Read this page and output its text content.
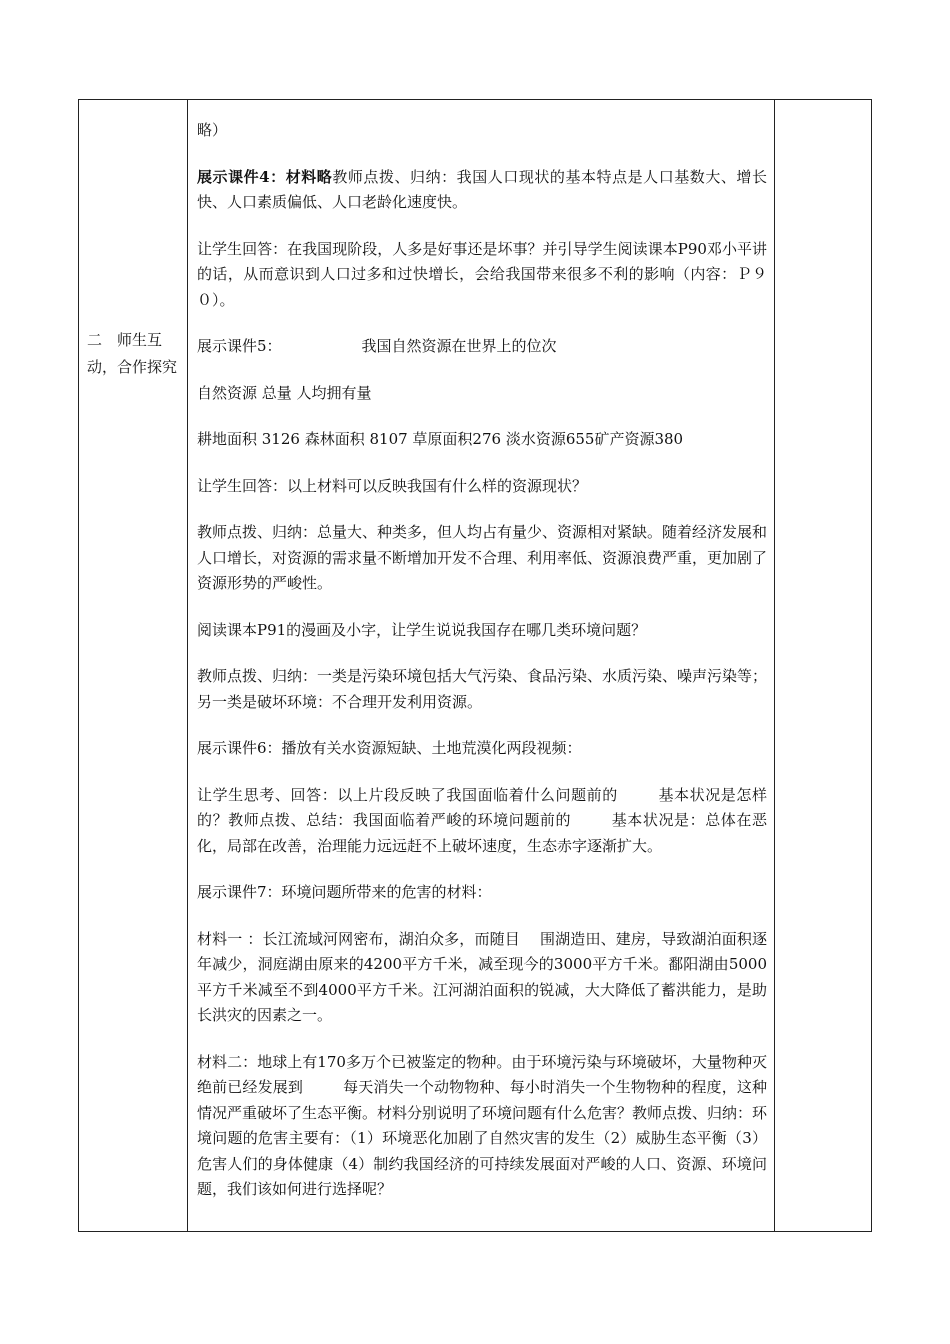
二　师生互动，合作探究

略）

展示课件4：材料略教师点拨、归纳：我国人口现状的基本特点是人口基数大、增长快、人口素质偏低、人口老龄化速度快。

让学生回答：在我国现阶段，人多是好事还是坏事？并引导学生阅读课本P90邓小平讲的话，从而意识到人口过多和过快增长，会给我国带来很多不利的影响（内容：Ｐ９０）。

展示课件5：	我国自然资源在世界上的位次

自然资源 总量 人均拥有量

耕地面积 3126 森林面积 8107 草原面积276 淡水资源655矿产资源380

让学生回答：以上材料可以反映我国有什么样的资源现状？

教师点拨、归纳：总量大、种类多，但人均占有量少、资源相对紧缺。随着经济发展和人口增长，对资源的需求量不断增加开发不合理、利用率低、资源浪费严重，更加剧了资源形势的严峻性。

阅读课本P91的漫画及小字，让学生说说我国存在哪几类环境问题？

教师点拨、归纳：一类是污染环境包括大气污染、食品污染、水质污染、噪声污染等；另一类是破坏环境：不合理开发利用资源。

展示课件6：播放有关水资源短缺、土地荒漠化两段视频：

让学生思考、回答：以上片段反映了我国面临着什么问题前的	基本状况是怎样的？教师点拨、总结：我国面临着严峻的环境问题前的	基本状况是：总体在恶化，局部在改善，治理能力远远赶不上破坏速度，生态赤字逐渐扩大。

展示课件7：环境问题所带来的危害的材料：

材料一 ：长江流域河网密布，湖泊众多，而随目 围湖造田、建房，导致湖泊面积逐年减少，洞庭湖由原来的4200平方千米，减至现今的3000平方千米。鄱阳湖由5000平方千米减至不到4000平方千米。江河湖泊面积的锐减，大大降低了蓄洪能力，是助长洪灾的因素之一。

材料二：地球上有170多万个已被鉴定的物种。由于环境污染与环境破坏，大量物种灭绝前已经发展到	每天消失一个动物物种、每小时消失一个生物物种的程度，这种情况严重破坏了生态平衡。材料分别说明了环境问题有什么危害？教师点拨、归纳：环境问题的危害主要有：（1）环境恶化加剧了自然灾害的发生（2）威胁生态平衡（3）危害人们的身体健康（4）制约我国经济的可持续发展面对严峻的人口、资源、环境问题，我们该如何进行选择呢？
